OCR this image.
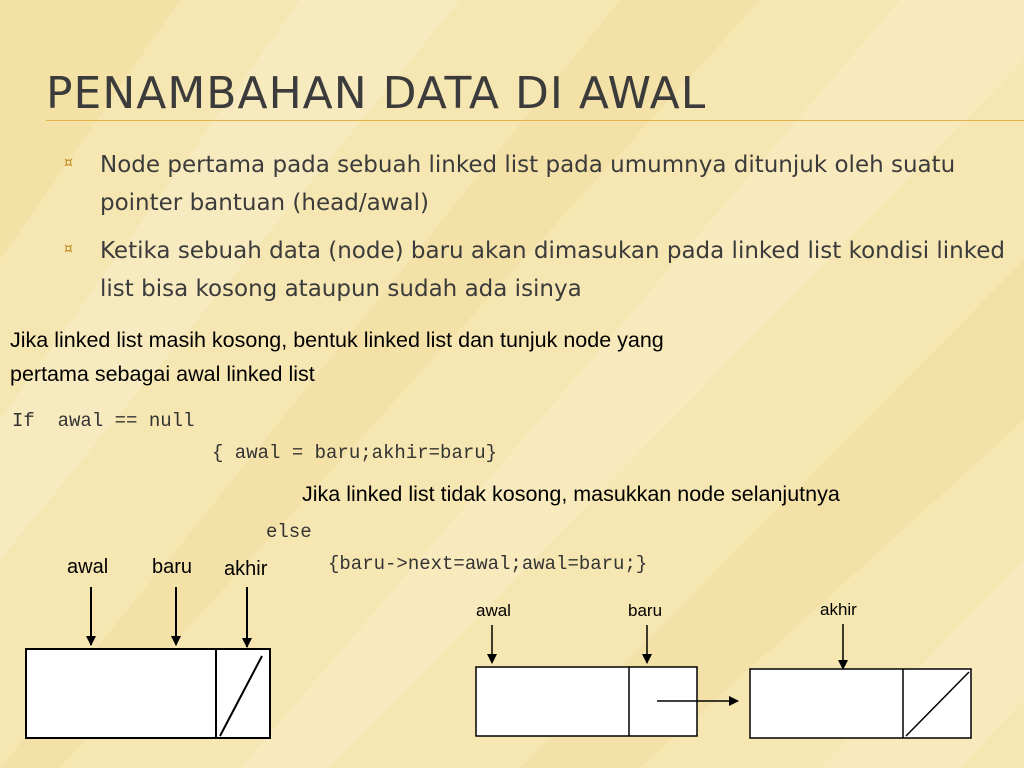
PENAMBAHAN DATA DI AWAL
¤ Node pertama pada sebuah linked list pada umumnya ditunjuk oleh suatu pointer bantuan (head/awal)
¤ Ketika sebuah data (node) baru akan dimasukan pada linked list kondisi linked list bisa kosong ataupun sudah ada isinya
Jika linked list masih kosong, bentuk linked list dan tunjuk node yang
pertama sebagai awal linked list
If  awal == null
{ awal = baru;akhir=baru}
Jika linked list tidak kosong, masukkan node selanjutnya
else
{baru->next=awal;awal=baru;}
awal baru akhir
awal	baru	akhir
